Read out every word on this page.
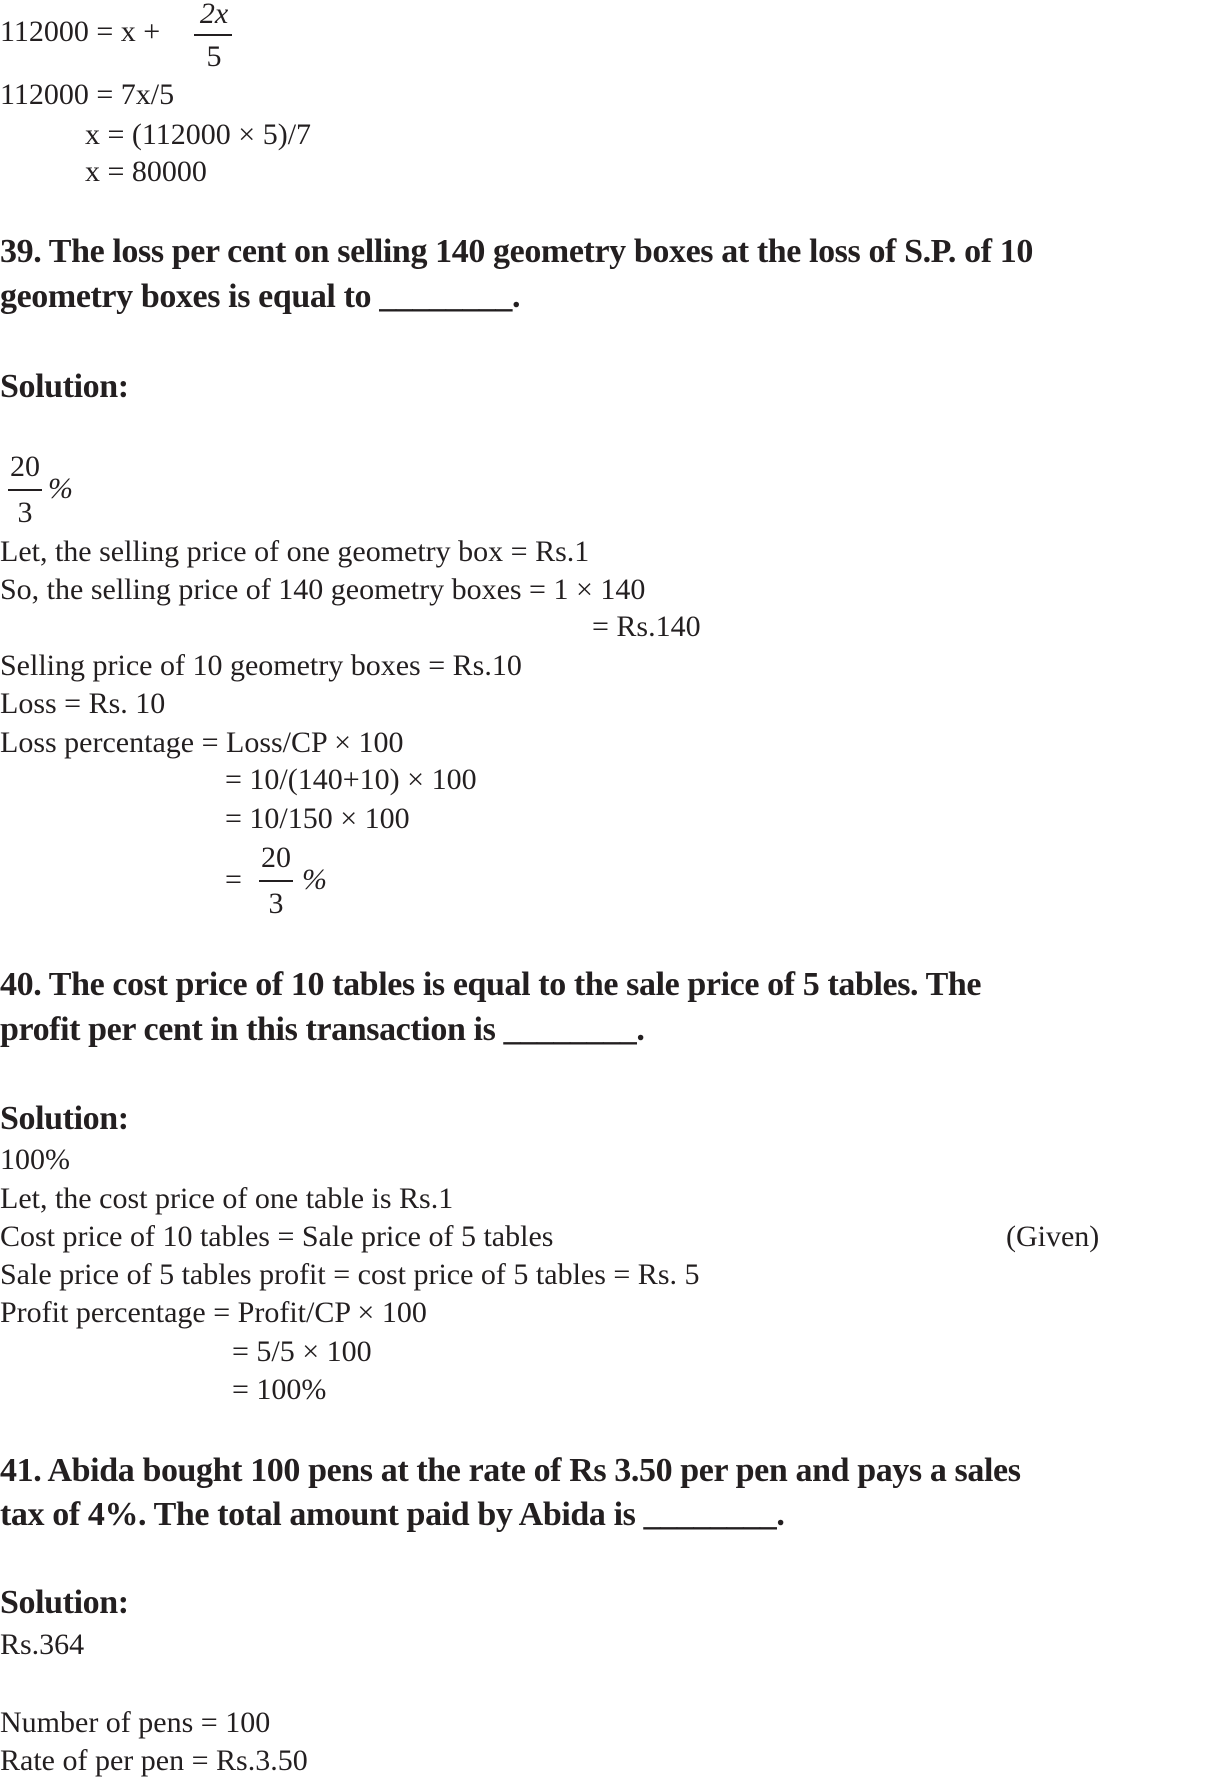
112000 = x +
2x
5
112000 = 7x/5
x = (112000 × 5)/7
x = 80000
39. The loss per cent on selling 140 geometry boxes at the loss of S.P. of 10
geometry boxes is equal to ________.
Solution:
20
3
%
Let, the selling price of one geometry box = Rs.1
So, the selling price of 140 geometry boxes = 1 × 140
= Rs.140
Selling price of 10 geometry boxes = Rs.10
Loss = Rs. 10
Loss percentage = Loss/CP × 100
= 10/(140+10) × 100
= 10/150 × 100
=
20
3
%
40. The cost price of 10 tables is equal to the sale price of 5 tables. The
profit per cent in this transaction is ________.
Solution:
100%
Let, the cost price of one table is Rs.1
Cost price of 10 tables = Sale price of 5 tables	(Given)
Sale price of 5 tables profit = cost price of 5 tables = Rs. 5
Profit percentage = Profit/CP × 100
= 5/5 × 100
= 100%
41. Abida bought 100 pens at the rate of Rs 3.50 per pen and pays a sales
tax of 4%. The total amount paid by Abida is ________.
Solution:
Rs.364
Number of pens = 100
Rate of per pen = Rs.3.50
